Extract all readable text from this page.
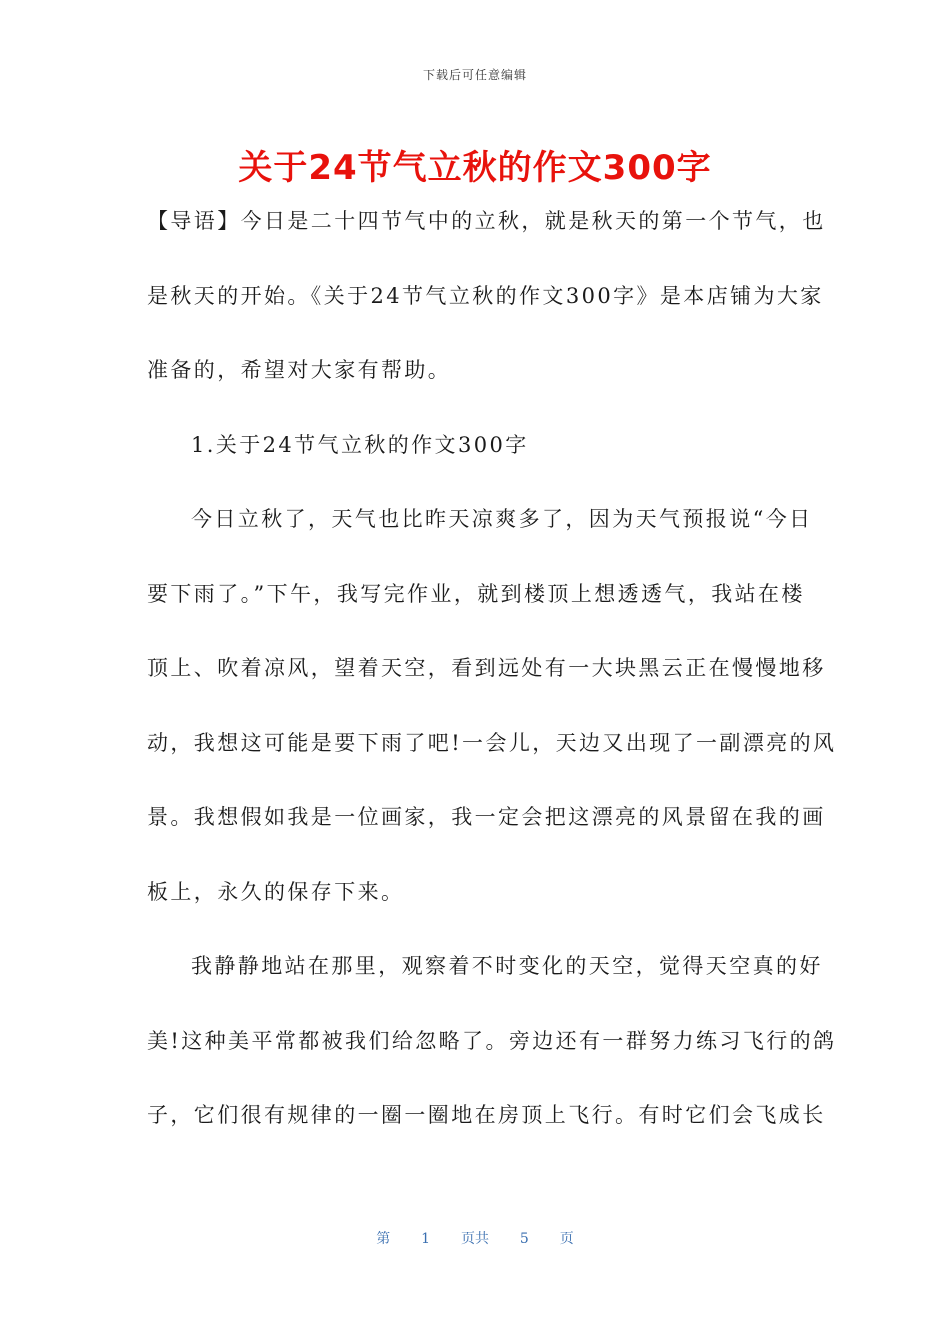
下载后可任意编辑
关于24节气立秋的作文300字
【导语】今日是二十四节气中的立秋，就是秋天的第一个节气，也
是秋天的开始。《关于24节气立秋的作文300字》是本店铺为大家
准备的，希望对大家有帮助。
1.关于24节气立秋的作文300字
今日立秋了，天气也比昨天凉爽多了，因为天气预报说“今日
要下雨了。”下午，我写完作业，就到楼顶上想透透气，我站在楼
顶上、吹着凉风，望着天空，看到远处有一大块黑云正在慢慢地移
动，我想这可能是要下雨了吧!一会儿，天边又出现了一副漂亮的风
景。我想假如我是一位画家，我一定会把这漂亮的风景留在我的画
板上，永久的保存下来。
我静静地站在那里，观察着不时变化的天空，觉得天空真的好
美!这种美平常都被我们给忽略了。旁边还有一群努力练习飞行的鸽
子，它们很有规律的一圈一圈地在房顶上飞行。有时它们会飞成长
第 1 页共 5 页
